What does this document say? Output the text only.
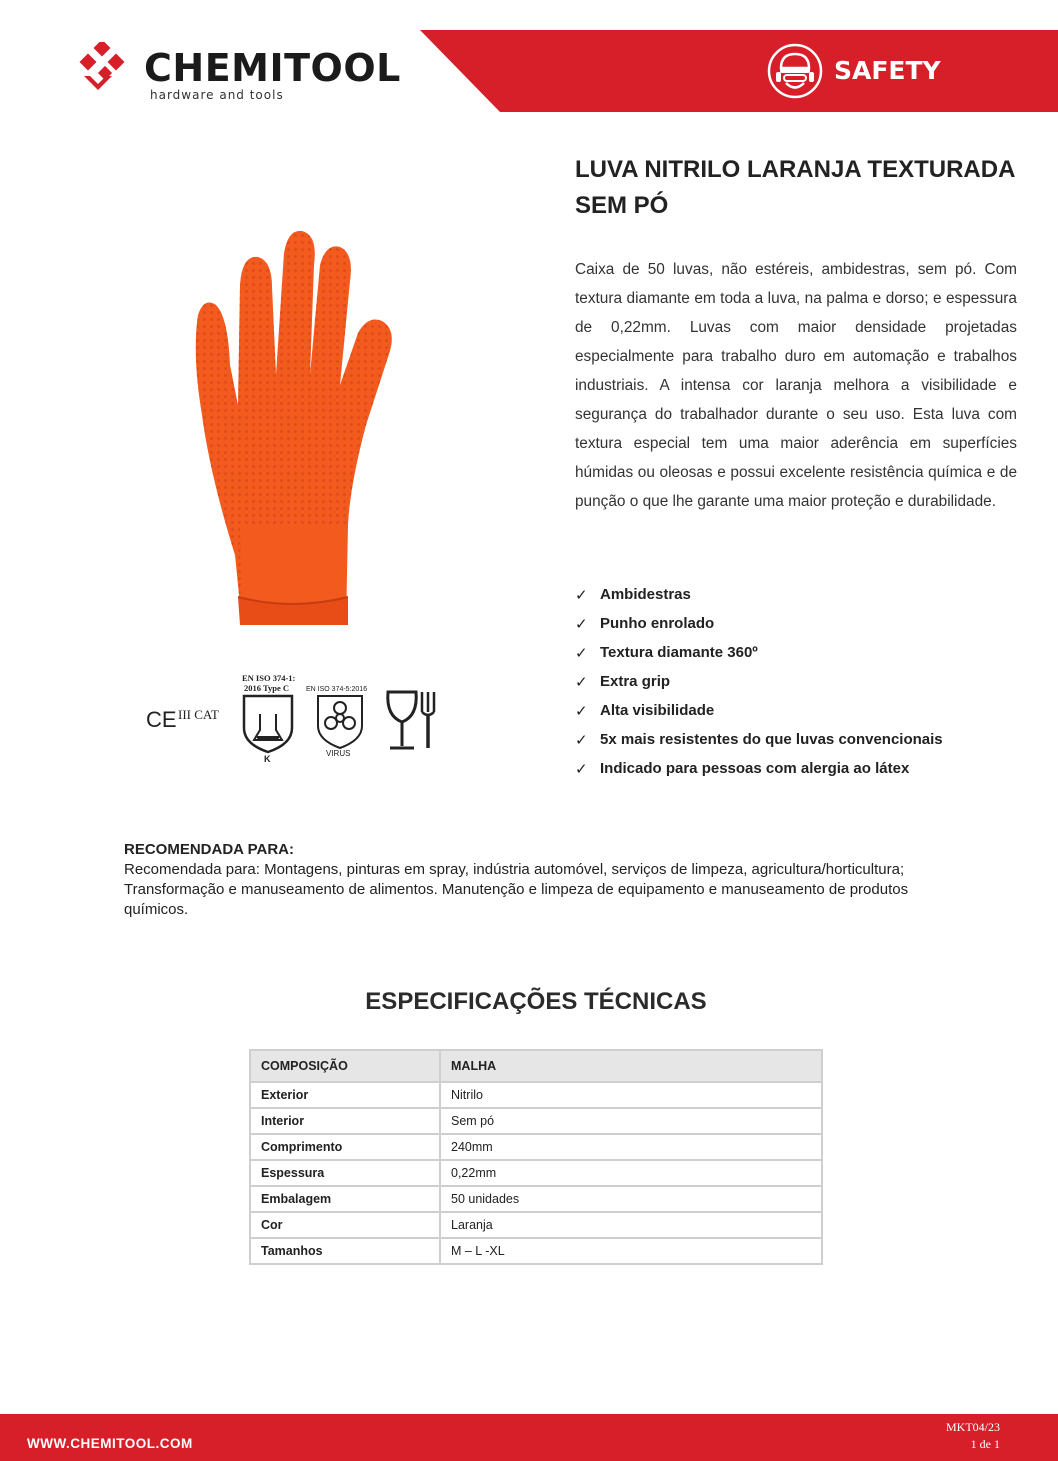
CHEMITOOL
hardware and tools
SAFETY
CE III CAT
EN ISO 374-1:
2016 Type C
K
EN ISO 374-5:2016
VIRUS
LUVA NITRILO LARANJA TEXTURADA
SEM PÓ

Caixa de 50 luvas, não estéreis, ambidestras, sem pó. Com textura diamante em toda a luva, na palma e dorso; e espessura de 0,22mm. Luvas com maior densidade projetadas especialmente para trabalho duro em automação e trabalhos industriais. A intensa cor laranja melhora a visibilidade e segurança do trabalhador durante o seu uso. Esta luva com textura especial tem uma maior aderência em superfícies húmidas ou oleosas e possui excelente resistência química e de punção o que lhe garante uma maior proteção e durabilidade.

✓ Ambidestras
✓ Punho enrolado
✓ Textura diamante 360º
✓ Extra grip
✓ Alta visibilidade
✓ 5x mais resistentes do que luvas convencionais
✓ Indicado para pessoas com alergia ao látex
RECOMENDADA PARA:
Recomendada para: Montagens, pinturas em spray, indústria automóvel, serviços de limpeza, agricultura/horticultura; Transformação e manuseamento de alimentos. Manutenção e limpeza de equipamento e manuseamento de produtos químicos.
ESPECIFICAÇÕES TÉCNICAS
COMPOSIÇÃO	MALHA
Exterior	Nitrilo
Interior	Sem pó
Comprimento	240mm
Espessura	0,22mm
Embalagem	50 unidades
Cor	Laranja
Tamanhos	M – L -XL
WWW.CHEMITOOL.COM
MKT04/23
1 de 1
